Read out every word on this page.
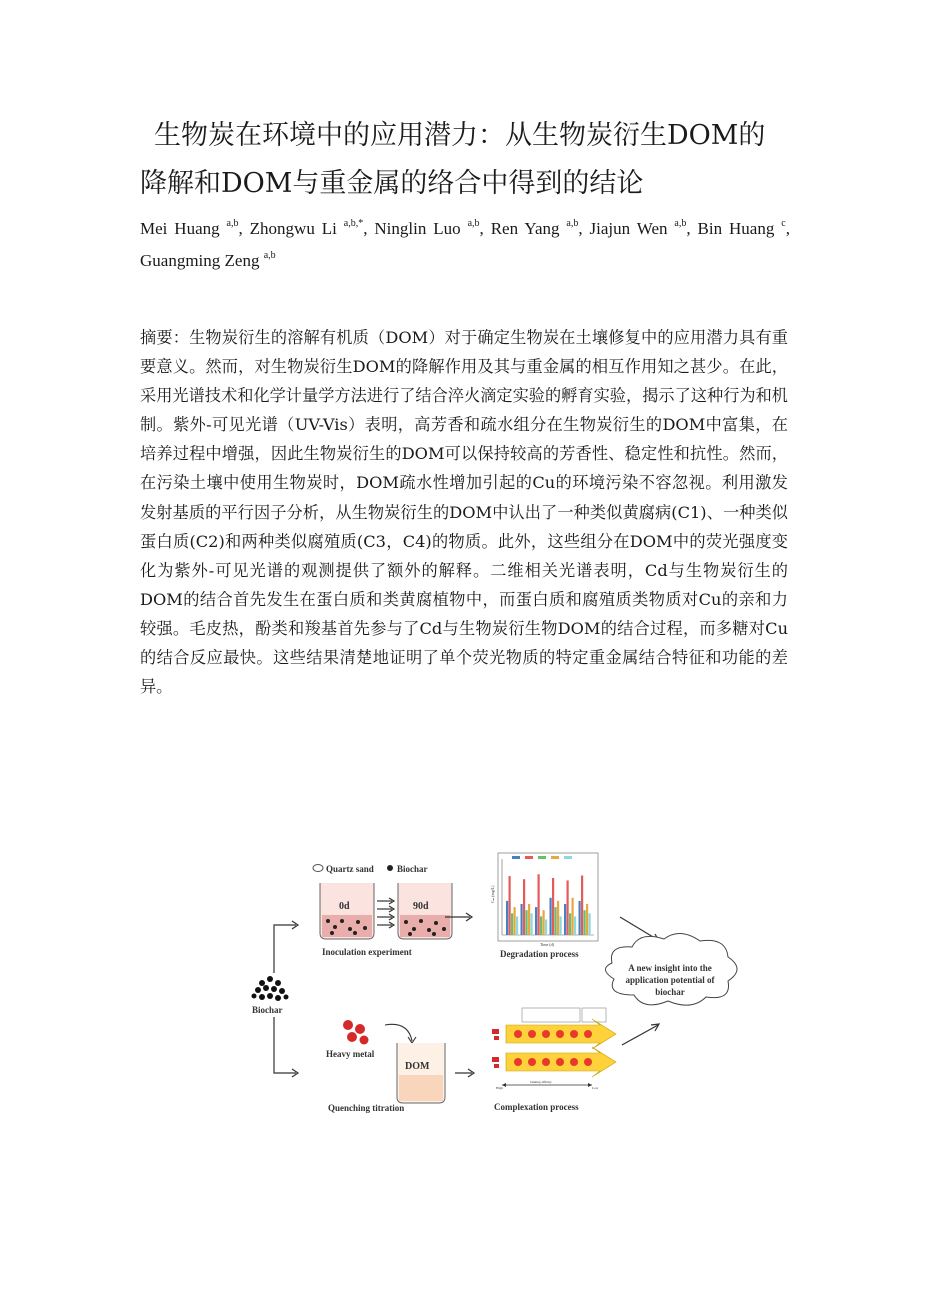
生物炭在环境中的应用潜力：从生物炭衍生DOM的降解和DOM与重金属的络合中得到的结论
Mei Huang $^{a,b}$, Zhongwu Li $^{a,b,*}$, Ninglin Luo $^{a,b}$, Ren Yang $^{a,b}$, Jiajun Wen $^{a,b}$, Bin Huang $^c$, Guangming Zeng $^{a,b}$
摘要：生物炭衍生的溶解有机质（DOM）对于确定生物炭在土壤修复中的应用潜力具有重要意义。然而，对生物炭衍生DOM的降解作用及其与重金属的相互作用知之甚少。在此，采用光谱技术和化学计量学方法进行了结合淬火滴定实验的孵育实验，揭示了这种行为和机制。紫外-可见光谱（UV-Vis）表明，高芳香和疏水组分在生物炭衍生的DOM中富集，在培养过程中增强，因此生物炭衍生的DOM可以保持较高的芳香性、稳定性和抗性。然而，在污染土壤中使用生物炭时，DOM疏水性增加引起的Cu的环境污染不容忽视。利用激发发射基质的平行因子分析，从生物炭衍生的DOM中认出了一种类似黄腐病(C1)、一种类似蛋白质(C2)和两种类似腐殖质(C3，C4)的物质。此外，这些组分在DOM中的荧光强度变化为紫外-可见光谱的观测提供了额外的解释。二维相关光谱表明，Cd与生物炭衍生的DOM的结合首先发生在蛋白质和类黄腐植物中，而蛋白质和腐殖质类物质对Cu的亲和力较强。毛皮热，酚类和羧基首先参与了Cd与生物炭衍生物DOM的结合过程，而多糖对Cu的结合反应最快。这些结果清楚地证明了单个荧光物质的特定重金属结合特征和功能的差异。
Quartz sand	Biochar
0d	90d
Inoculation experiment
Biochar
Cₘ (mg/L)
Time (d)
Degradation process
A new insight into the
application potential of
biochar
Heavy metal
DOM
Quenching titration
binding affinity
High	Low
Complexation process
